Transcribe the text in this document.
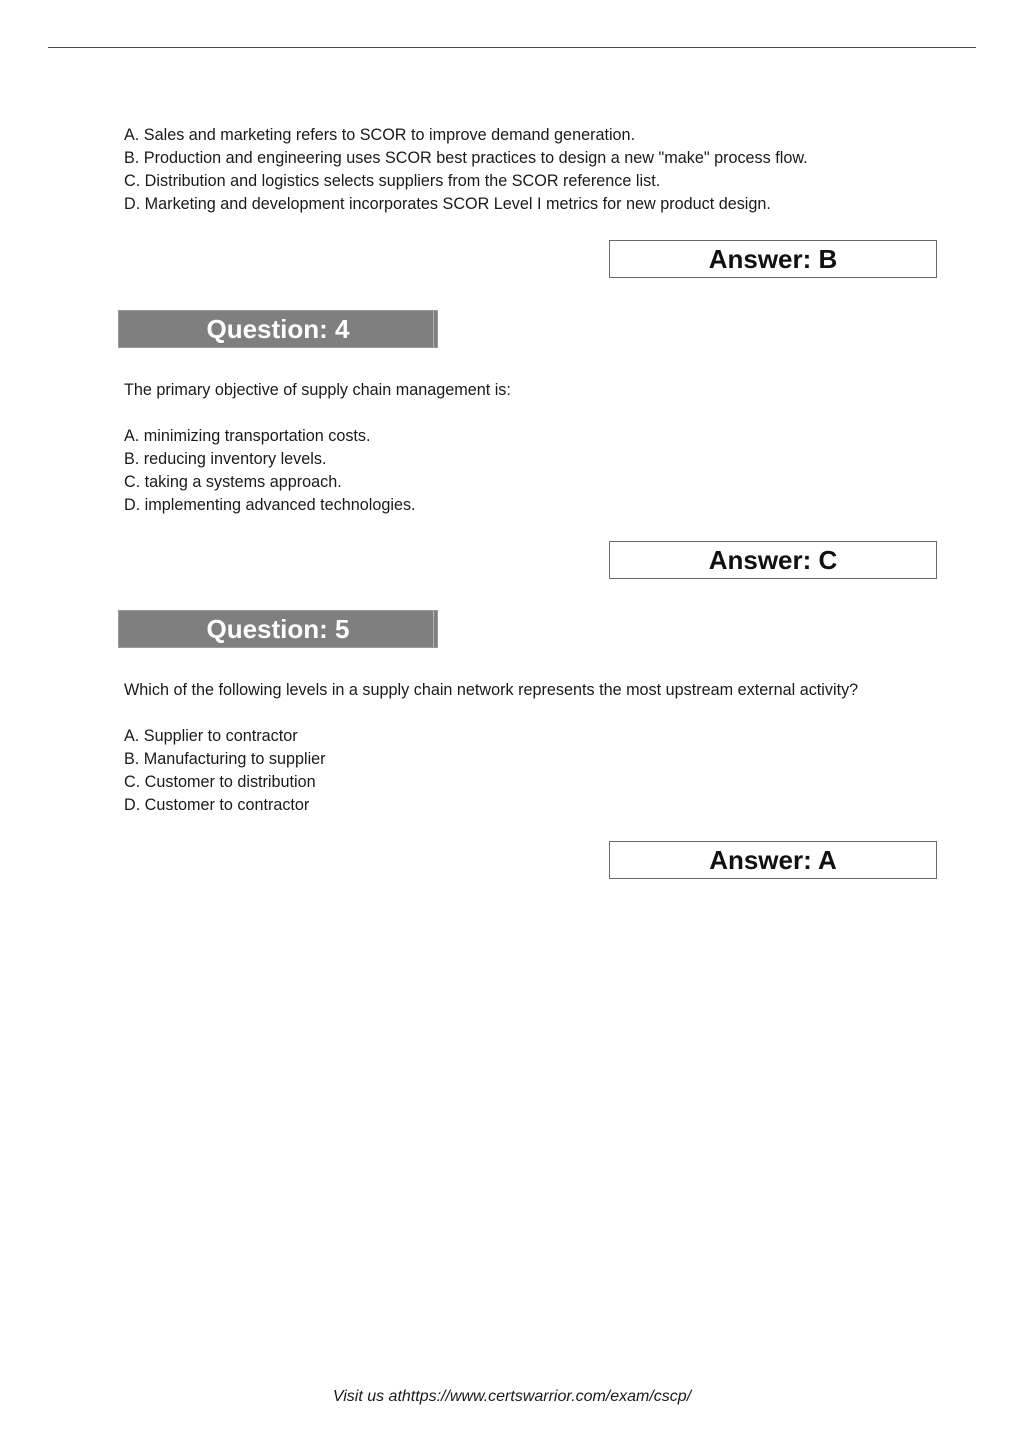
A. Sales and marketing refers to SCOR to improve demand generation.
B. Production and engineering uses SCOR best practices to design a new "make" process flow.
C. Distribution and logistics selects suppliers from the SCOR reference list.
D. Marketing and development incorporates SCOR Level I metrics for new product design.
Answer: B
Question: 4
The primary objective of supply chain management is:
A. minimizing transportation costs.
B. reducing inventory levels.
C. taking a systems approach.
D. implementing advanced technologies.
Answer: C
Question: 5
Which of the following levels in a supply chain network represents the most upstream external activity?
A. Supplier to contractor
B. Manufacturing to supplier
C. Customer to distribution
D. Customer to contractor
Answer: A
Visit us athttps://www.certswarrior.com/exam/cscp/
